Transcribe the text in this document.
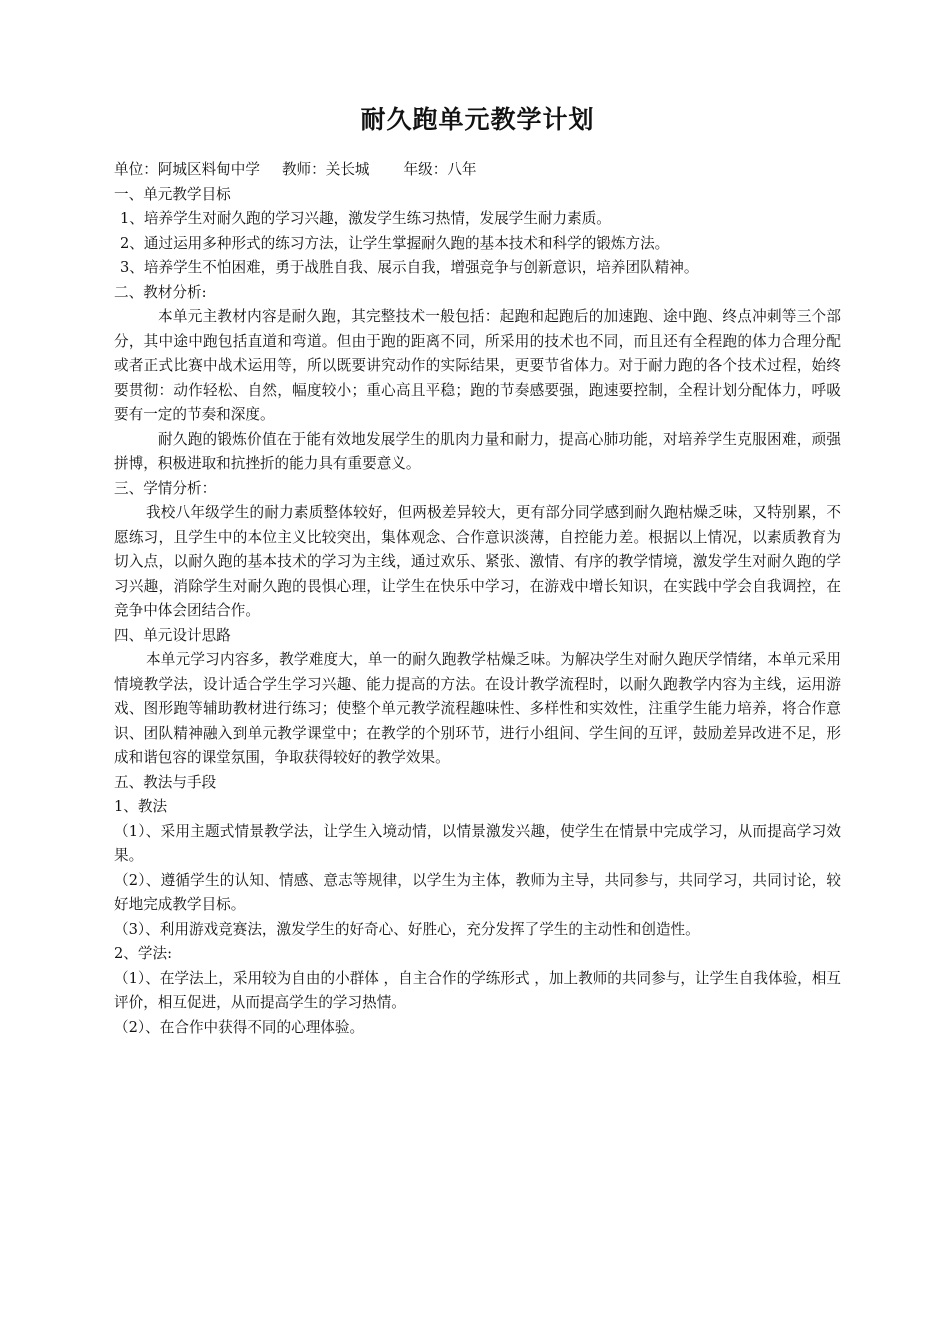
耐久跑单元教学计划

单位：阿城区料甸中学 教师：关长城 年级：八年

一、单元教学目标

1、培养学生对耐久跑的学习兴趣，激发学生练习热情，发展学生耐力素质。

2、通过运用多种形式的练习方法，让学生掌握耐久跑的基本技术和科学的锻炼方法。

3、培养学生不怕困难，勇于战胜自我、展示自我，增强竞争与创新意识，培养团队精神。

二、教材分析:

本单元主教材内容是耐久跑，其完整技术一般包括：起跑和起跑后的加速跑、途中跑、终点冲刺等三个部分，其中途中跑包括直道和弯道。但由于跑的距离不同，所采用的技术也不同，而且还有全程跑的体力合理分配或者正式比赛中战术运用等，所以既要讲究动作的实际结果，更要节省体力。对于耐力跑的各个技术过程，始终要贯彻：动作轻松、自然，幅度较小；重心高且平稳；跑的节奏感要强，跑速要控制，全程计划分配体力，呼吸要有一定的节奏和深度。

耐久跑的锻炼价值在于能有效地发展学生的肌肉力量和耐力，提高心肺功能，对培养学生克服困难，顽强拼博，积极进取和抗挫折的能力具有重要意义。

三、学情分析：

我校八年级学生的耐力素质整体较好，但两极差异较大，更有部分同学感到耐久跑枯燥乏味，又特别累，不愿练习，且学生中的本位主义比较突出，集体观念、合作意识淡薄，自控能力差。根据以上情况，以素质教育为切入点，以耐久跑的基本技术的学习为主线，通过欢乐、紧张、激情、有序的教学情境，激发学生对耐久跑的学习兴趣，消除学生对耐久跑的畏惧心理，让学生在快乐中学习，在游戏中增长知识，在实践中学会自我调控，在竞争中体会团结合作。

四、单元设计思路

本单元学习内容多，教学难度大，单一的耐久跑教学枯燥乏味。为解决学生对耐久跑厌学情绪，本单元采用情境教学法，设计适合学生学习兴趣、能力提高的方法。在设计教学流程时，以耐久跑教学内容为主线，运用游戏、图形跑等辅助教材进行练习；使整个单元教学流程趣味性、多样性和实效性，注重学生能力培养，将合作意识、团队精神融入到单元教学课堂中；在教学的个别环节，进行小组间、学生间的互评，鼓励差异改进不足，形成和谐包容的课堂氛围，争取获得较好的教学效果。

五、教法与手段

1、教法

（1）、采用主题式情景教学法，让学生入境动情，以情景激发兴趣，使学生在情景中完成学习，从而提高学习效果。

（2）、遵循学生的认知、情感、意志等规律，以学生为主体，教师为主导，共同参与，共同学习，共同讨论，较好地完成教学目标。

（3）、利用游戏竞赛法，激发学生的好奇心、好胜心，充分发挥了学生的主动性和创造性。

2、学法:

（1）、在学法上，采用较为自由的小群体 ，自主合作的学练形式 ，加上教师的共同参与，让学生自我体验，相互评价，相互促进，从而提高学生的学习热情。

（2）、在合作中获得不同的心理体验。
